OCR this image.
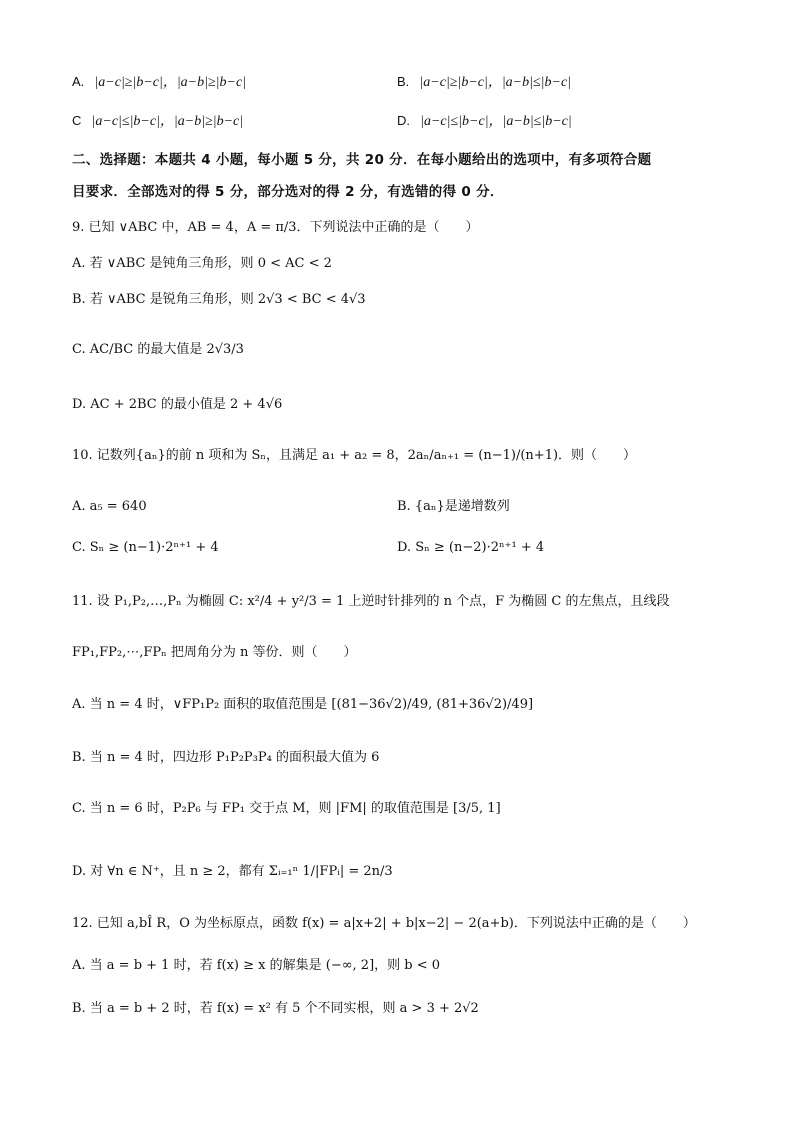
A. |a−c|≥|b−c|，|a−b|≥|b−c|	B. |a−c|≥|b−c|，|a−b|≤|b−c|
C |a−c|≤|b−c|，|a−b|≥|b−c|	D. |a−c|≤|b−c|，|a−b|≤|b−c|
二、选择题：本题共 4 小题，每小题 5 分，共 20 分．在每小题给出的选项中，有多项符合题
目要求．全部选对的得 5 分，部分选对的得 2 分，有选错的得 0 分．
9. 已知 ∨ABC 中，AB = 4，A = π/3．下列说法中正确的是（　　）
A. 若 ∨ABC 是钝角三角形，则 0 < AC < 2
B. 若 ∨ABC 是锐角三角形，则 2√3 < BC < 4√3
C. AC/BC 的最大值是 2√3/3
D. AC + 2BC 的最小值是 2 + 4√6
10. 记数列{aₙ}的前 n 项和为 Sₙ，且满足 a₁ + a₂ = 8，2aₙ/aₙ₊₁ = (n−1)/(n+1)．则（　　）
A. a₅ = 640	B. {aₙ}是递增数列
C. Sₙ ≥ (n−1)·2ⁿ⁺¹ + 4	D. Sₙ ≥ (n−2)·2ⁿ⁺¹ + 4
11. 设 P₁,P₂,…,Pₙ 为椭圆 C: x²/4 + y²/3 = 1 上逆时针排列的 n 个点，F 为椭圆 C 的左焦点，且线段
FP₁,FP₂,⋯,FPₙ 把周角分为 n 等份．则（　　）
A. 当 n = 4 时，∨FP₁P₂ 面积的取值范围是 [(81−36√2)/49, (81+36√2)/49]
B. 当 n = 4 时，四边形 P₁P₂P₃P₄ 的面积最大值为 6
C. 当 n = 6 时，P₂P₆ 与 FP₁ 交于点 M，则 |FM| 的取值范围是 [3/5, 1]
D. 对 ∀n ∈ N⁺，且 n ≥ 2，都有 Σᵢ₌₁ⁿ 1/|FPᵢ| = 2n/3
12. 已知 a,bÎ R，O 为坐标原点，函数 f(x) = a|x+2| + b|x−2| − 2(a+b)．下列说法中正确的是（　　）
A. 当 a = b + 1 时，若 f(x) ≥ x 的解集是 (−∞, 2]，则 b < 0
B. 当 a = b + 2 时，若 f(x) = x² 有 5 个不同实根，则 a > 3 + 2√2
